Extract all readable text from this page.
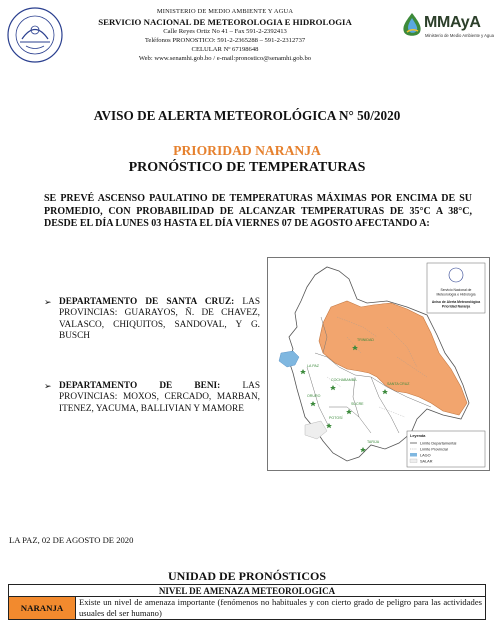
MINISTERIO DE MEDIO AMBIENTE Y AGUA
SERVICIO NACIONAL DE METEOROLOGIA E HIDROLOGIA
Calle Reyes Ortiz No 41 – Fax 591-2-2392413
Teléfonos PRONOSTICO: 591-2-2365288 – 591-2-2312737
CELULAR Nº 67198648
Web: www.senamhi.gob.bo / e-mail:pronostico@senamhi.gob.bo
MMAyA
Ministerio de Medio Ambiente y Agua
AVISO DE ALERTA METEOROLÓGICA N° 50/2020
PRIORIDAD NARANJA
PRONÓSTICO DE TEMPERATURAS
SE PREVÉ ASCENSO PAULATINO DE TEMPERATURAS MÁXIMAS POR ENCIMA DE SU PROMEDIO, CON PROBABILIDAD DE ALCANZAR TEMPERATURAS DE 35°C A 38°C, DESDE EL DÍA LUNES 03 HASTA EL DÍA VIERNES 07 DE AGOSTO AFECTANDO A:
➢ DEPARTAMENTO DE SANTA CRUZ: LAS PROVINCIAS: GUARAYOS, Ñ. DE CHAVEZ, VALASCO, CHIQUITOS, SANDOVAL, Y G. BUSCH
➢ DEPARTAMENTO DE BENI: LAS PROVINCIAS: MOXOS, CERCADO, MARBAN, ITENEZ, YACUMA, BALLIVIAN Y MAMORE
TRINIDAD
LA PAZ
COCHABAMBA
SANTA CRUZ
ORURO
SUCRE
POTOSÍ
TARIJA
Servicio Nacional de
Meteorología e Hidrología
Aviso de Alerta Meteorológica
Prioridad Naranja
Leyenda
Límite Departamental
Límite Provincial
LAGO
SALAR
LA PAZ, 02 DE AGOSTO DE 2020
UNIDAD DE PRONÓSTICOS
NIVEL DE AMENAZA METEOROLOGICA
NARANJA	Existe un nivel de amenaza importante (fenómenos no habituales y con cierto grado de peligro para las actividades usuales del ser humano)
